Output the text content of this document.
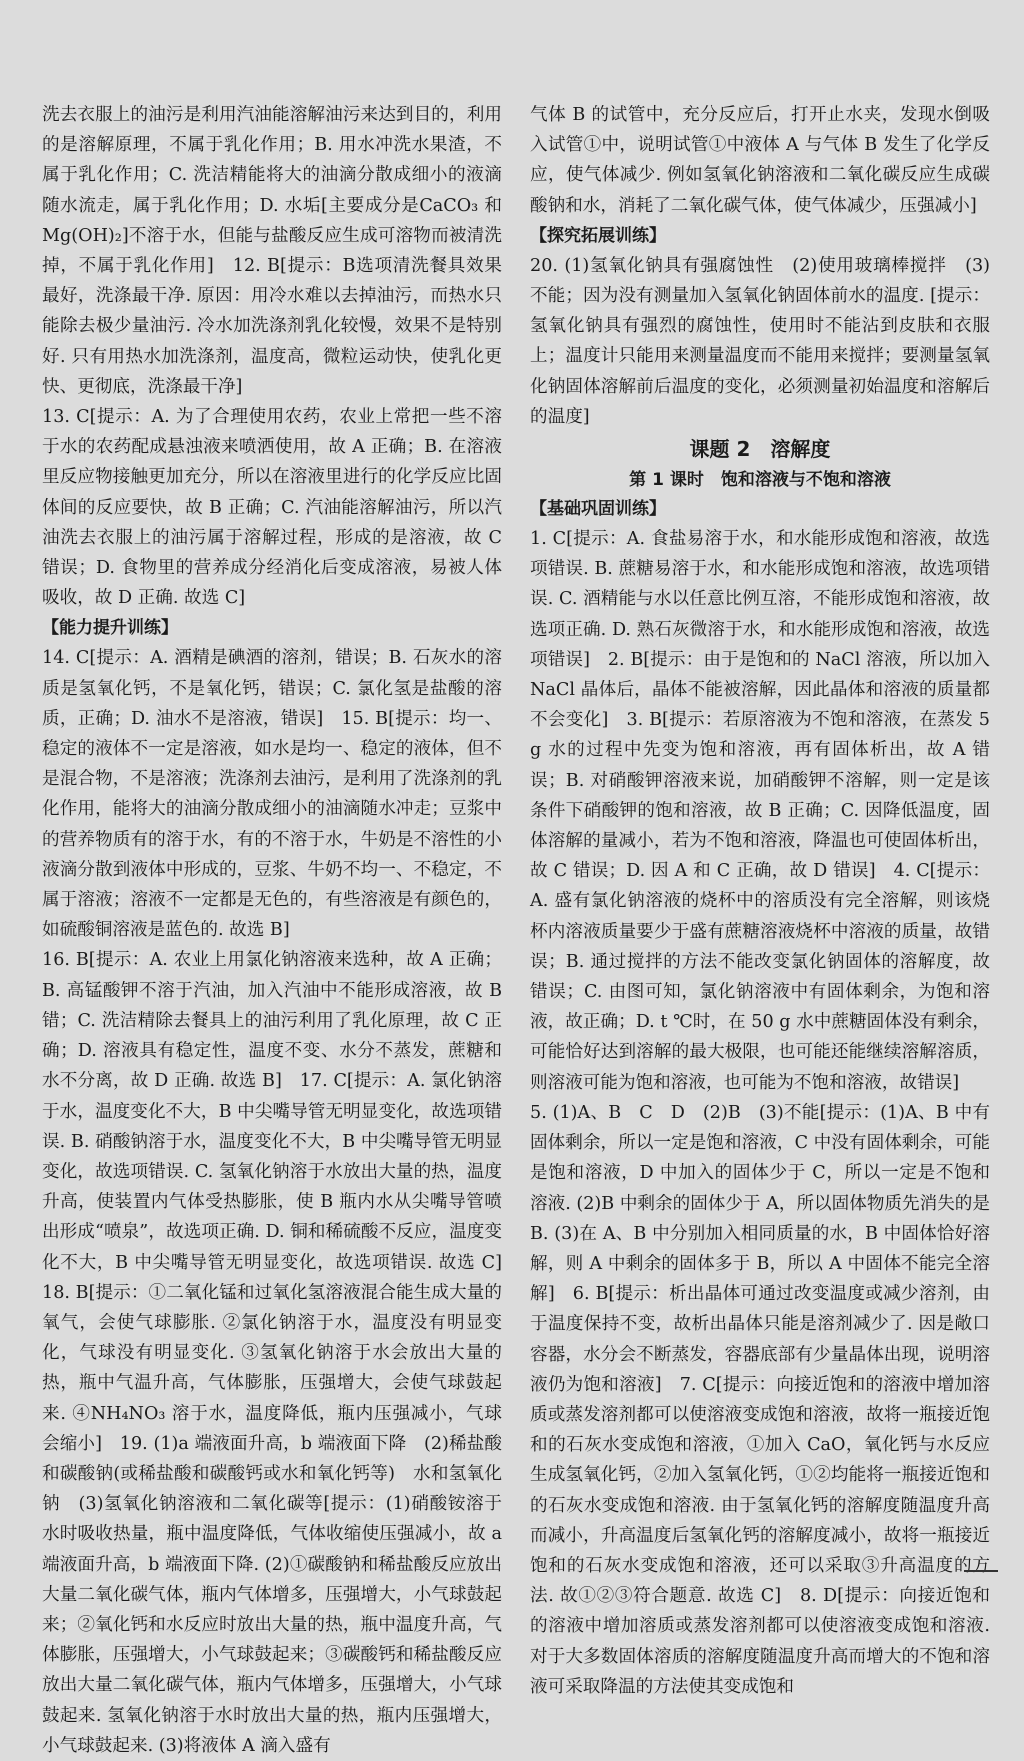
洗去衣服上的油污是利用汽油能溶解油污来达到目的，利用的是溶解原理，不属于乳化作用；B. 用水冲洗水果渣，不属于乳化作用；C. 洗洁精能将大的油滴分散成细小的液滴随水流走，属于乳化作用；D. 水垢[主要成分是CaCO₃ 和 Mg(OH)₂]不溶于水，但能与盐酸反应生成可溶物而被清洗掉，不属于乳化作用]　12. B[提示：B选项清洗餐具效果最好，洗涤最干净. 原因：用冷水难以去掉油污，而热水只能除去极少量油污. 冷水加洗涤剂乳化较慢，效果不是特别好. 只有用热水加洗涤剂，温度高，微粒运动快，使乳化更快、更彻底，洗涤最干净]

13. C[提示：A. 为了合理使用农药，农业上常把一些不溶于水的农药配成悬浊液来喷洒使用，故 A 正确；B. 在溶液里反应物接触更加充分，所以在溶液里进行的化学反应比固体间的反应要快，故 B 正确；C. 汽油能溶解油污，所以汽油洗去衣服上的油污属于溶解过程，形成的是溶液，故 C 错误；D. 食物里的营养成分经消化后变成溶液，易被人体吸收，故 D 正确. 故选 C]

【能力提升训练】

14. C[提示：A. 酒精是碘酒的溶剂，错误；B. 石灰水的溶质是氢氧化钙，不是氧化钙，错误；C. 氯化氢是盐酸的溶质，正确；D. 油水不是溶液，错误]　15. B[提示：均一、稳定的液体不一定是溶液，如水是均一、稳定的液体，但不是混合物，不是溶液；洗涤剂去油污，是利用了洗涤剂的乳化作用，能将大的油滴分散成细小的油滴随水冲走；豆浆中的营养物质有的溶于水，有的不溶于水，牛奶是不溶性的小液滴分散到液体中形成的，豆浆、牛奶不均一、不稳定，不属于溶液；溶液不一定都是无色的，有些溶液是有颜色的，如硫酸铜溶液是蓝色的. 故选 B]

16. B[提示：A. 农业上用氯化钠溶液来选种，故 A 正确；B. 高锰酸钾不溶于汽油，加入汽油中不能形成溶液，故 B 错；C. 洗洁精除去餐具上的油污利用了乳化原理，故 C 正确；D. 溶液具有稳定性，温度不变、水分不蒸发，蔗糖和水不分离，故 D 正确. 故选 B]　17. C[提示：A. 氯化钠溶于水，温度变化不大，B 中尖嘴导管无明显变化，故选项错误. B. 硝酸钠溶于水，温度变化不大，B 中尖嘴导管无明显变化，故选项错误. C. 氢氧化钠溶于水放出大量的热，温度升高，使装置内气体受热膨胀，使 B 瓶内水从尖嘴导管喷出形成“喷泉”，故选项正确. D. 铜和稀硫酸不反应，温度变化不大，B 中尖嘴导管无明显变化，故选项错误. 故选 C]　18. B[提示：①二氧化锰和过氧化氢溶液混合能生成大量的氧气，会使气球膨胀. ②氯化钠溶于水，温度没有明显变化，气球没有明显变化. ③氢氧化钠溶于水会放出大量的热，瓶中气温升高，气体膨胀，压强增大，会使气球鼓起来. ④NH₄NO₃ 溶于水，温度降低，瓶内压强减小，气球会缩小]　19. (1)a 端液面升高，b 端液面下降　(2)稀盐酸和碳酸钠(或稀盐酸和碳酸钙或水和氧化钙等)　水和氢氧化钠　(3)氢氧化钠溶液和二氧化碳等[提示：(1)硝酸铵溶于水时吸收热量，瓶中温度降低，气体收缩使压强减小，故 a 端液面升高，b 端液面下降. (2)①碳酸钠和稀盐酸反应放出大量二氧化碳气体，瓶内气体增多，压强增大，小气球鼓起来；②氧化钙和水反应时放出大量的热，瓶中温度升高，气体膨胀，压强增大，小气球鼓起来；③碳酸钙和稀盐酸反应放出大量二氧化碳气体，瓶内气体增多，压强增大，小气球鼓起来. 氢氧化钠溶于水时放出大量的热，瓶内压强增大，小气球鼓起来. (3)将液体 A 滴入盛有

气体 B 的试管中，充分反应后，打开止水夹，发现水倒吸入试管①中，说明试管①中液体 A 与气体 B 发生了化学反应，使气体减少. 例如氢氧化钠溶液和二氧化碳反应生成碳酸钠和水，消耗了二氧化碳气体，使气体减少，压强减小]

【探究拓展训练】

20. (1)氢氧化钠具有强腐蚀性　(2)使用玻璃棒搅拌　(3)不能；因为没有测量加入氢氧化钠固体前水的温度. [提示：氢氧化钠具有强烈的腐蚀性，使用时不能沾到皮肤和衣服上；温度计只能用来测量温度而不能用来搅拌；要测量氢氧化钠固体溶解前后温度的变化，必须测量初始温度和溶解后的温度]

课题 2　溶解度

第 1 课时　饱和溶液与不饱和溶液

【基础巩固训练】

1. C[提示：A. 食盐易溶于水，和水能形成饱和溶液，故选项错误. B. 蔗糖易溶于水，和水能形成饱和溶液，故选项错误. C. 酒精能与水以任意比例互溶，不能形成饱和溶液，故选项正确. D. 熟石灰微溶于水，和水能形成饱和溶液，故选项错误]　2. B[提示：由于是饱和的 NaCl 溶液，所以加入 NaCl 晶体后，晶体不能被溶解，因此晶体和溶液的质量都不会变化]　3. B[提示：若原溶液为不饱和溶液，在蒸发 5 g 水的过程中先变为饱和溶液，再有固体析出，故 A 错误；B. 对硝酸钾溶液来说，加硝酸钾不溶解，则一定是该条件下硝酸钾的饱和溶液，故 B 正确；C. 因降低温度，固体溶解的量减小，若为不饱和溶液，降温也可使固体析出，故 C 错误；D. 因 A 和 C 正确，故 D 错误]　4. C[提示：A. 盛有氯化钠溶液的烧杯中的溶质没有完全溶解，则该烧杯内溶液质量要少于盛有蔗糖溶液烧杯中溶液的质量，故错误；B. 通过搅拌的方法不能改变氯化钠固体的溶解度，故错误；C. 由图可知，氯化钠溶液中有固体剩余，为饱和溶液，故正确；D. t ℃时，在 50 g 水中蔗糖固体没有剩余，可能恰好达到溶解的最大极限，也可能还能继续溶解溶质，则溶液可能为饱和溶液，也可能为不饱和溶液，故错误]

5. (1)A、B　C　D　(2)B　(3)不能[提示：(1)A、B 中有固体剩余，所以一定是饱和溶液，C 中没有固体剩余，可能是饱和溶液，D 中加入的固体少于 C，所以一定是不饱和溶液. (2)B 中剩余的固体少于 A，所以固体物质先消失的是 B. (3)在 A、B 中分别加入相同质量的水，B 中固体恰好溶解，则 A 中剩余的固体多于 B，所以 A 中固体不能完全溶解]　6. B[提示：析出晶体可通过改变温度或减少溶剂，由于温度保持不变，故析出晶体只能是溶剂减少了. 因是敞口容器，水分会不断蒸发，容器底部有少量晶体出现，说明溶液仍为饱和溶液]　7. C[提示：向接近饱和的溶液中增加溶质或蒸发溶剂都可以使溶液变成饱和溶液，故将一瓶接近饱和的石灰水变成饱和溶液，①加入 CaO，氧化钙与水反应生成氢氧化钙，②加入氢氧化钙，①②均能将一瓶接近饱和的石灰水变成饱和溶液. 由于氢氧化钙的溶解度随温度升高而减小，升高温度后氢氧化钙的溶解度减小，故将一瓶接近饱和的石灰水变成饱和溶液，还可以采取③升高温度的方法. 故①②③符合题意. 故选 C]　8. D[提示：向接近饱和的溶液中增加溶质或蒸发溶剂都可以使溶液变成饱和溶液. 对于大多数固体溶质的溶解度随温度升高而增大的不饱和溶液可采取降温的方法使其变成饱和
